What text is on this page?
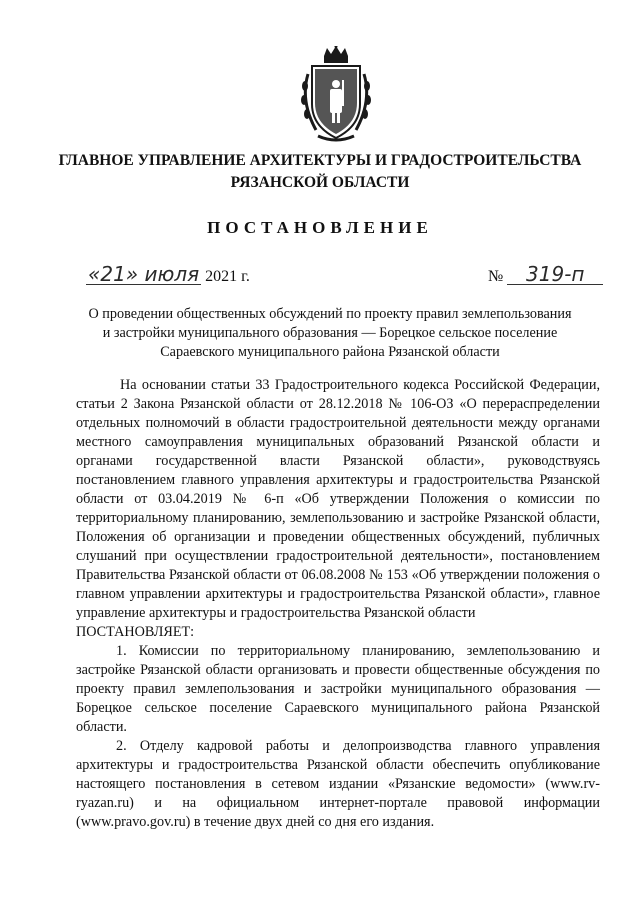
ГЛАВНОЕ УПРАВЛЕНИЕ АРХИТЕКТУРЫ И ГРАДОСТРОИТЕЛЬСТВА
РЯЗАНСКОЙ ОБЛАСТИ
ПОСТАНОВЛЕНИЕ
«21» июля 2021 г.	№ 319-п
О проведении общественных обсуждений по проекту правил землепользования
и застройки муниципального образования — Борецкое сельское поселение
Сараевского муниципального района Рязанской области

На основании статьи 33 Градостроительного кодекса Российской Федерации, статьи 2 Закона Рязанской области от 28.12.2018 № 106-ОЗ «О перераспределении отдельных полномочий в области градостроительной деятельности между органами местного самоуправления муниципальных образований Рязанской области и органами государственной власти Рязанской области», руководствуясь постановлением главного управления архитектуры и градостроительства Рязанской области от 03.04.2019 № 6-п «Об утверждении Положения о комиссии по территориальному планированию, землепользованию и застройке Рязанской области, Положения об организации и проведении общественных обсуждений, публичных слушаний при осуществлении градостроительной деятельности», постановлением Правительства Рязанской области от 06.08.2008 № 153 «Об утверждении положения о главном управлении архитектуры и градостроительства Рязанской области», главное управление архитектуры и градостроительства Рязанской области

ПОСТАНОВЛЯЕТ:

1. Комиссии по территориальному планированию, землепользованию и застройке Рязанской области организовать и провести общественные обсуждения по проекту правил землепользования и застройки муниципального образования — Борецкое сельское поселение Сараевского муниципального района Рязанской области.

2. Отделу кадровой работы и делопроизводства главного управления архитектуры и градостроительства Рязанской области обеспечить опубликование настоящего постановления в сетевом издании «Рязанские ведомости» (www.rv-ryazan.ru) и на официальном интернет-портале правовой информации (www.pravo.gov.ru) в течение двух дней со дня его издания.
